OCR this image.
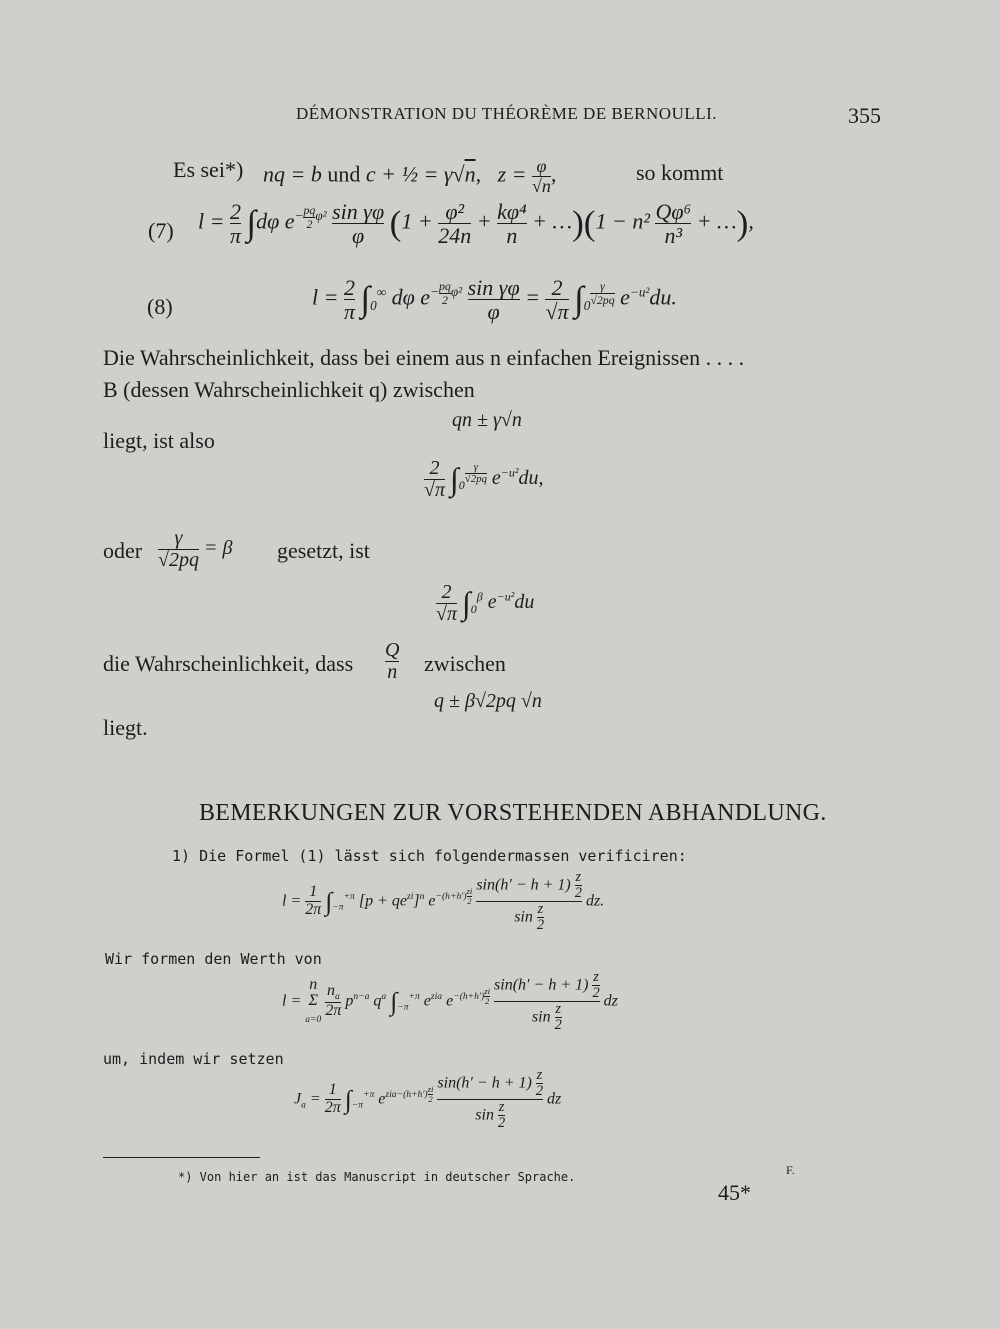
DÉMONSTRATION DU THÉORÈME DE BERNOULLI.	355
Es sei*) nq = b und c + ½ = γ√n,   $z = \frac{\varphi}{√n}$ ,	so kommt
(7) $l = \frac{2}{\pi} \int d\varphi$ $e^{- \frac{pq}{2} \varphi^2} \frac{\text{sin γφ}}{\varphi} (1 + \frac{\text{φ²}}{24n} + \frac{\text{kφ⁴}}{n}$ + …)(1 − $n^2 \frac{\text{Qφ⁶}}{\text{n³}}$ + …),
(8)	$l = \frac{2}{\pi} \int_0^\infty$ dφ $e^{- \frac{pq}{2} \varphi^2} \frac{\text{sin γφ}}{\varphi} = \frac{2}{√\pi} \int_0$ $^{\frac{\gamma}{√2pq}}$ $e^{-u^2}du$.
Die Wahrscheinlichkeit, dass bei einem aus n einfachen Ereignissen . . . .
B (dessen Wahrscheinlichkeit q) zwischen
qn ± γ√n
liegt, ist also
$\frac{2}{√\pi} \int_0$ $^{\frac{\gamma}{√2pq}}$ $e^{-u^2}du$,
oder $\frac{\gamma}{√2pq} = \beta$ gesetzt, ist
$\frac{2}{√\pi} \int_0^\beta$ $e^{-u^2}du$
die Wahrscheinlichkeit, dass $\frac{Q}{n}$ zwischen
q ± β√2pq √n
liegt.
BEMERKUNGEN ZUR VORSTEHENDEN ABHANDLUNG.
1) Die Formel (1) lässt sich folgendermassen verificiren:
$l = \frac{1}{2\pi} \int_{-\pi}^{+\pi}$ $[p + qe^{zi}]^n$ $e^{-(h+h') \frac{zi}{2}}$
$\frac{\sin(h' - h + 1) \frac{z}{2}}{\sin \frac{z}{2}}$ dz.
Wir formen den Werth von
l =
n
Σ
a=0
$\frac{n_a}{2\pi} p^{n-a}$ $q^a$ $\int_{-\pi}^{+\pi}$ $e^{zia}$ $e^{-(h+h') \frac{zi}{2}}$
$\frac{\sin(h' - h + 1) \frac{z}{2}}{\sin \frac{z}{2}}$ dz
um, indem wir setzen
$J_a = \frac{1}{2\pi} \int_{-\pi}^{+\pi}$ $e^{zia-(h+h') \frac{zi}{2}}$
$\frac{\sin(h' - h + 1) \frac{z}{2}}{\sin \frac{z}{2}}$ dz
*) Von hier an ist das Manuscript in deutscher Sprache.	F.
45*
